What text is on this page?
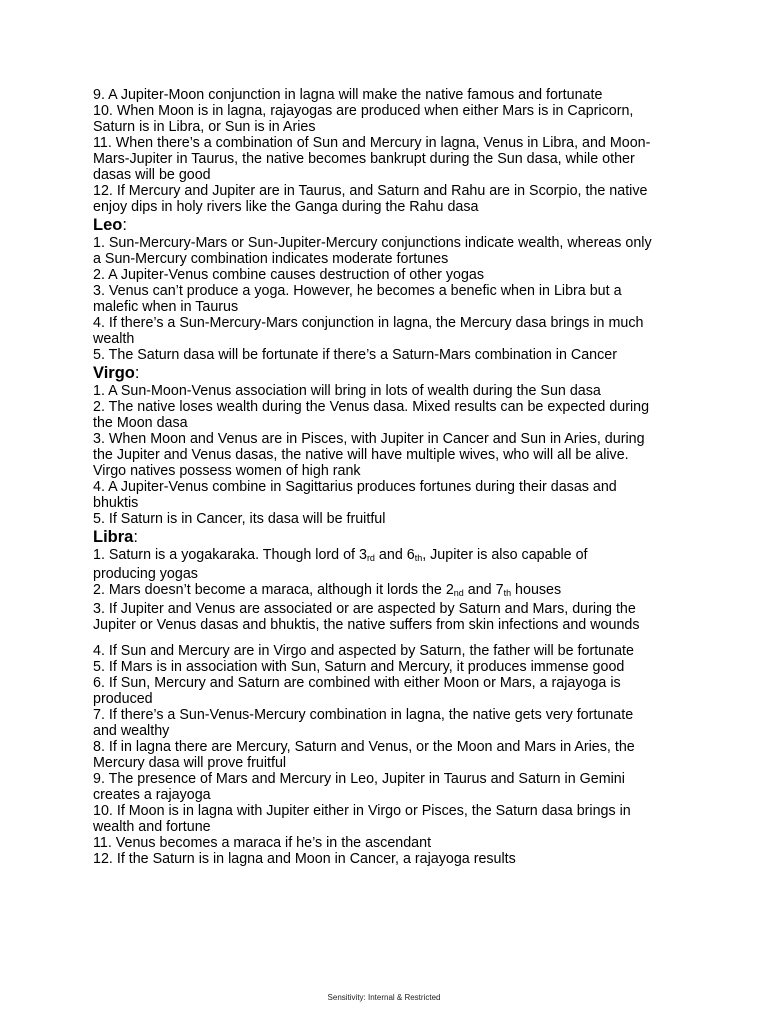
9. A Jupiter-Moon conjunction in lagna will make the native famous and fortunate

10. When Moon is in lagna, rajayogas are produced when either Mars is in Capricorn, Saturn is in Libra, or Sun is in Aries

11. When there’s a combination of Sun and Mercury in lagna, Venus in Libra, and Moon-Mars-Jupiter in Taurus, the native becomes bankrupt during the Sun dasa, while other dasas will be good

12. If Mercury and Jupiter are in Taurus, and Saturn and Rahu are in Scorpio, the native enjoy dips in holy rivers like the Ganga during the Rahu dasa

Leo:

1. Sun-Mercury-Mars or Sun-Jupiter-Mercury conjunctions indicate wealth, whereas only a Sun-Mercury combination indicates moderate fortunes

2. A Jupiter-Venus combine causes destruction of other yogas

3. Venus can’t produce a yoga. However, he becomes a benefic when in Libra but a malefic when in Taurus

4. If there’s a Sun-Mercury-Mars conjunction in lagna, the Mercury dasa brings in much wealth

5. The Saturn dasa will be fortunate if there’s a Saturn-Mars combination in Cancer

Virgo:

1. A Sun-Moon-Venus association will bring in lots of wealth during the Sun dasa

2. The native loses wealth during the Venus dasa. Mixed results can be expected during the Moon dasa

3. When Moon and Venus are in Pisces, with Jupiter in Cancer and Sun in Aries, during the Jupiter and Venus dasas, the native will have multiple wives, who will all be alive. Virgo natives possess women of high rank

4. A Jupiter-Venus combine in Sagittarius produces fortunes during their dasas and bhuktis

5. If Saturn is in Cancer, its dasa will be fruitful

Libra:

1. Saturn is a yogakaraka. Though lord of $3_{rd}$ and $6_{th}$, Jupiter is also capable of producing yogas

2. Mars doesn’t become a maraca, although it lords the $2_{nd}$ and $7_{th}$ houses

3. If Jupiter and Venus are associated or are aspected by Saturn and Mars, during the Jupiter or Venus dasas and bhuktis, the native suffers from skin infections and wounds

4. If Sun and Mercury are in Virgo and aspected by Saturn, the father will be fortunate

5. If Mars is in association with Sun, Saturn and Mercury, it produces immense good

6. If Sun, Mercury and Saturn are combined with either Moon or Mars, a rajayoga is produced

7. If there’s a Sun-Venus-Mercury combination in lagna, the native gets very fortunate and wealthy

8. If in lagna there are Mercury, Saturn and Venus, or the Moon and Mars in Aries, the Mercury dasa will prove fruitful

9. The presence of Mars and Mercury in Leo, Jupiter in Taurus and Saturn in Gemini creates a rajayoga

10. If Moon is in lagna with Jupiter either in Virgo or Pisces, the Saturn dasa brings in wealth and fortune

11. Venus becomes a maraca if he’s in the ascendant

12. If the Saturn is in lagna and Moon in Cancer, a rajayoga results

Sensitivity: Internal & Restricted
